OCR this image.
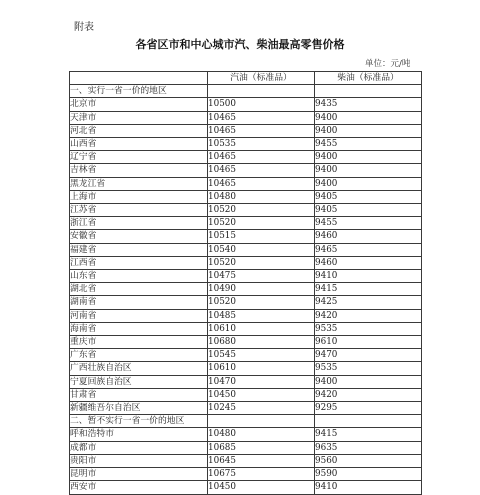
附表
各省区市和中心城市汽、柴油最高零售价格
单位：元/吨
	汽油（标准品）	柴油（标准品）
一、实行一省一价的地区		
北京市	10500	9435
天津市	10465	9400
河北省	10465	9400
山西省	10535	9455
辽宁省	10465	9400
吉林省	10465	9400
黑龙江省	10465	9400
上海市	10480	9405
江苏省	10520	9405
浙江省	10520	9455
安徽省	10515	9460
福建省	10540	9465
江西省	10520	9460
山东省	10475	9410
湖北省	10490	9415
湖南省	10520	9425
河南省	10485	9420
海南省	10610	9535
重庆市	10680	9610
广东省	10545	9470
广西壮族自治区	10610	9535
宁夏回族自治区	10470	9400
甘肃省	10450	9420
新疆维吾尔自治区	10245	9295
二、暂不实行一省一价的地区		
呼和浩特市	10480	9415
成都市	10685	9635
贵阳市	10645	9560
昆明市	10675	9590
西安市	10450	9410
